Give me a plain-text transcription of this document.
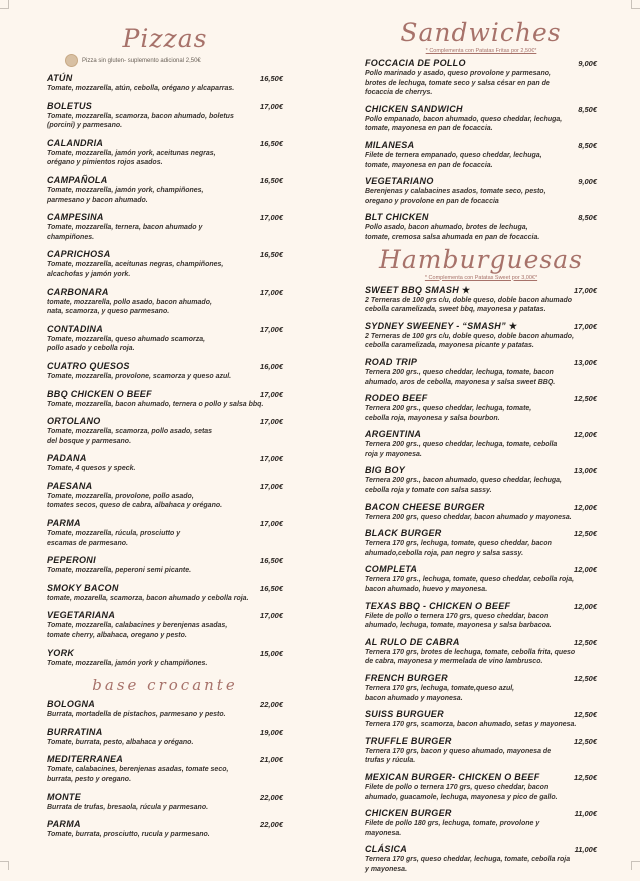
Pizzas
Pizza sin gluten- suplemento adicional 2,50€
ATÚN	16,50€
Tomate, mozzarella, atún, cebolla, orégano y alcaparras.
BOLETUS	17,00€
Tomate, mozzarella, scamorza, bacon ahumado, boletus
(porcini) y parmesano.
CALANDRIA	16,50€
Tomate, mozzarella, jamón york, aceitunas negras,
orégano y pimientos rojos asados.
CAMPAÑOLA	16,50€
Tomate, mozzarella, jamón york, champiñones,
parmesano y bacon ahumado.
CAMPESINA	17,00€
Tomate, mozzarella, ternera, bacon ahumado y
champiñones.
CAPRICHOSA	16,50€
Tomate, mozzarella, aceitunas negras, champiñones,
alcachofas y jamón york.
CARBONARA	17,00€
tomate, mozzarella, pollo asado, bacon ahumado,
nata, scamorza, y queso parmesano.
CONTADINA	17,00€
Tomate, mozzarella, queso ahumado scamorza,
pollo asado y cebolla roja.
CUATRO QUESOS	16,00€
Tomate, mozzarella, provolone, scamorza y queso azul.
BBQ CHICKEN O BEEF	17,00€
Tomate, mozzarella, bacon ahumado, ternera o pollo y salsa bbq.
ORTOLANO	17,00€
Tomate, mozzarella, scamorza, pollo asado, setas
del bosque y parmesano.
PADANA	17,00€
Tomate, 4 quesos y speck.
PAESANA	17,00€
Tomate, mozzarella, provolone, pollo asado,
tomates secos, queso de cabra, albahaca y orégano.
PARMA	17,00€
Tomate, mozzarella, rúcula, prosciutto y
escamas de parmesano.
PEPERONI	16,50€
Tomate, mozzarella, peperoni semi picante.
SMOKY BACON	16,50€
tomate, mozarella, scamorza, bacon ahumado y cebolla roja.
VEGETARIANA	17,00€
Tomate, mozzarella, calabacines y berenjenas asadas,
tomate cherry, albahaca, oregano y pesto.
YORK	15,00€
Tomate, mozzarella, jamón york y champiñones.
base crocante
BOLOGNA	22,00€
Burrata, mortadella de pistachos, parmesano y pesto.
BURRATINA	19,00€
Tomate, burrata, pesto, albahaca y orégano.
MEDITERRANEA	21,00€
Tomate, calabacines, berenjenas asadas, tomate seco,
burrata, pesto y oregano.
MONTE	22,00€
Burrata de trufas, bresaola, rúcula y parmesano.
PARMA	22,00€
Tomate, burrata, prosciutto, rucula y parmesano.
Sandwiches
* Complementa con Patatas Fritas por 2,50€*
FOCCACIA DE POLLO	9,00€
Pollo marinado y asado, queso provolone y parmesano,
brotes de lechuga, tomate seco y salsa césar en pan de
focaccia de cherrys.
CHICKEN SANDWICH	8,50€
Pollo empanado, bacon ahumado, queso cheddar, lechuga,
tomate, mayonesa en pan de focaccia.
MILANESA	8,50€
Filete de ternera empanado, queso cheddar, lechuga,
tomate, mayonesa en pan de focaccia.
VEGETARIANO	9,00€
Berenjenas y calabacines asados, tomate seco, pesto,
oregano y provolone en pan de focaccia
BLT CHICKEN	8,50€
Pollo asado, bacon ahumado, brotes de lechuga,
tomate, cremosa salsa ahumada en pan de focaccia.
Hamburguesas
* Complementa con Patatas Sweet por 3,00€*
SWEET BBQ SMASH ★	17,00€
2 Terneras de 100 grs c/u, doble queso, doble bacon ahumado
cebolla caramelizada, sweet bbq, mayonesa y patatas.
SYDNEY SWEENEY - “SMASH” ★	17,00€
2 Terneras de 100 grs c/u, doble queso, doble bacon ahumado,
cebolla caramelizada, mayonesa picante y patatas.
ROAD TRIP	13,00€
Ternera 200 grs., queso cheddar, lechuga, tomate, bacon
ahumado, aros de cebolla, mayonesa y salsa sweet BBQ.
RODEO BEEF	12,50€
Ternera 200 grs., queso cheddar, lechuga, tomate,
cebolla roja, mayonesa y salsa bourbon.
ARGENTINA	12,00€
Ternera 200 grs., queso cheddar, lechuga, tomate, cebolla
roja y mayonesa.
BIG BOY	13,00€
Ternera 200 grs., bacon ahumado, queso cheddar, lechuga,
cebolla roja y tomate con salsa sassy.
BACON CHEESE BURGER	12,00€
Ternera 200 grs, queso cheddar, bacon ahumado y mayonesa.
BLACK BURGER	12,50€
Ternera 170 grs, lechuga, tomate, queso cheddar, bacon
ahumado,cebolla roja, pan negro y salsa sassy.
COMPLETA	12,00€
Ternera 170 grs., lechuga, tomate, queso cheddar, cebolla roja,
bacon ahumado, huevo y mayonesa.
TEXAS BBQ - CHICKEN O BEEF	12,00€
Filete de pollo o ternera 170 grs, queso cheddar, bacon
ahumado, lechuga, tomate, mayonesa y salsa barbacoa.
AL RULO DE CABRA	12,50€
Ternera 170 grs, brotes de lechuga, tomate, cebolla frita, queso
de cabra, mayonesa y mermelada de vino lambrusco.
FRENCH BURGER	12,50€
Ternera 170 grs, lechuga, tomate,queso azul,
bacon ahumado y mayonesa.
SUISS BURGUER	12,50€
Ternera 170 grs, scamorza, bacon ahumado, setas y mayonesa.
TRUFFLE BURGER	12,50€
Ternera 170 grs, bacon y queso ahumado, mayonesa de
trufas y rúcula.
MEXICAN BURGER- CHICKEN O BEEF	12,50€
Filete de pollo o ternera 170 grs, queso cheddar, bacon
ahumado, guacamole, lechuga, mayonesa y pico de gallo.
CHICKEN BURGER	11,00€
Filete de pollo 180 grs, lechuga, tomate, provolone y
mayonesa.
CLÁSICA	11,00€
Ternera 170 grs, queso cheddar, lechuga, tomate, cebolla roja
y mayonesa.
